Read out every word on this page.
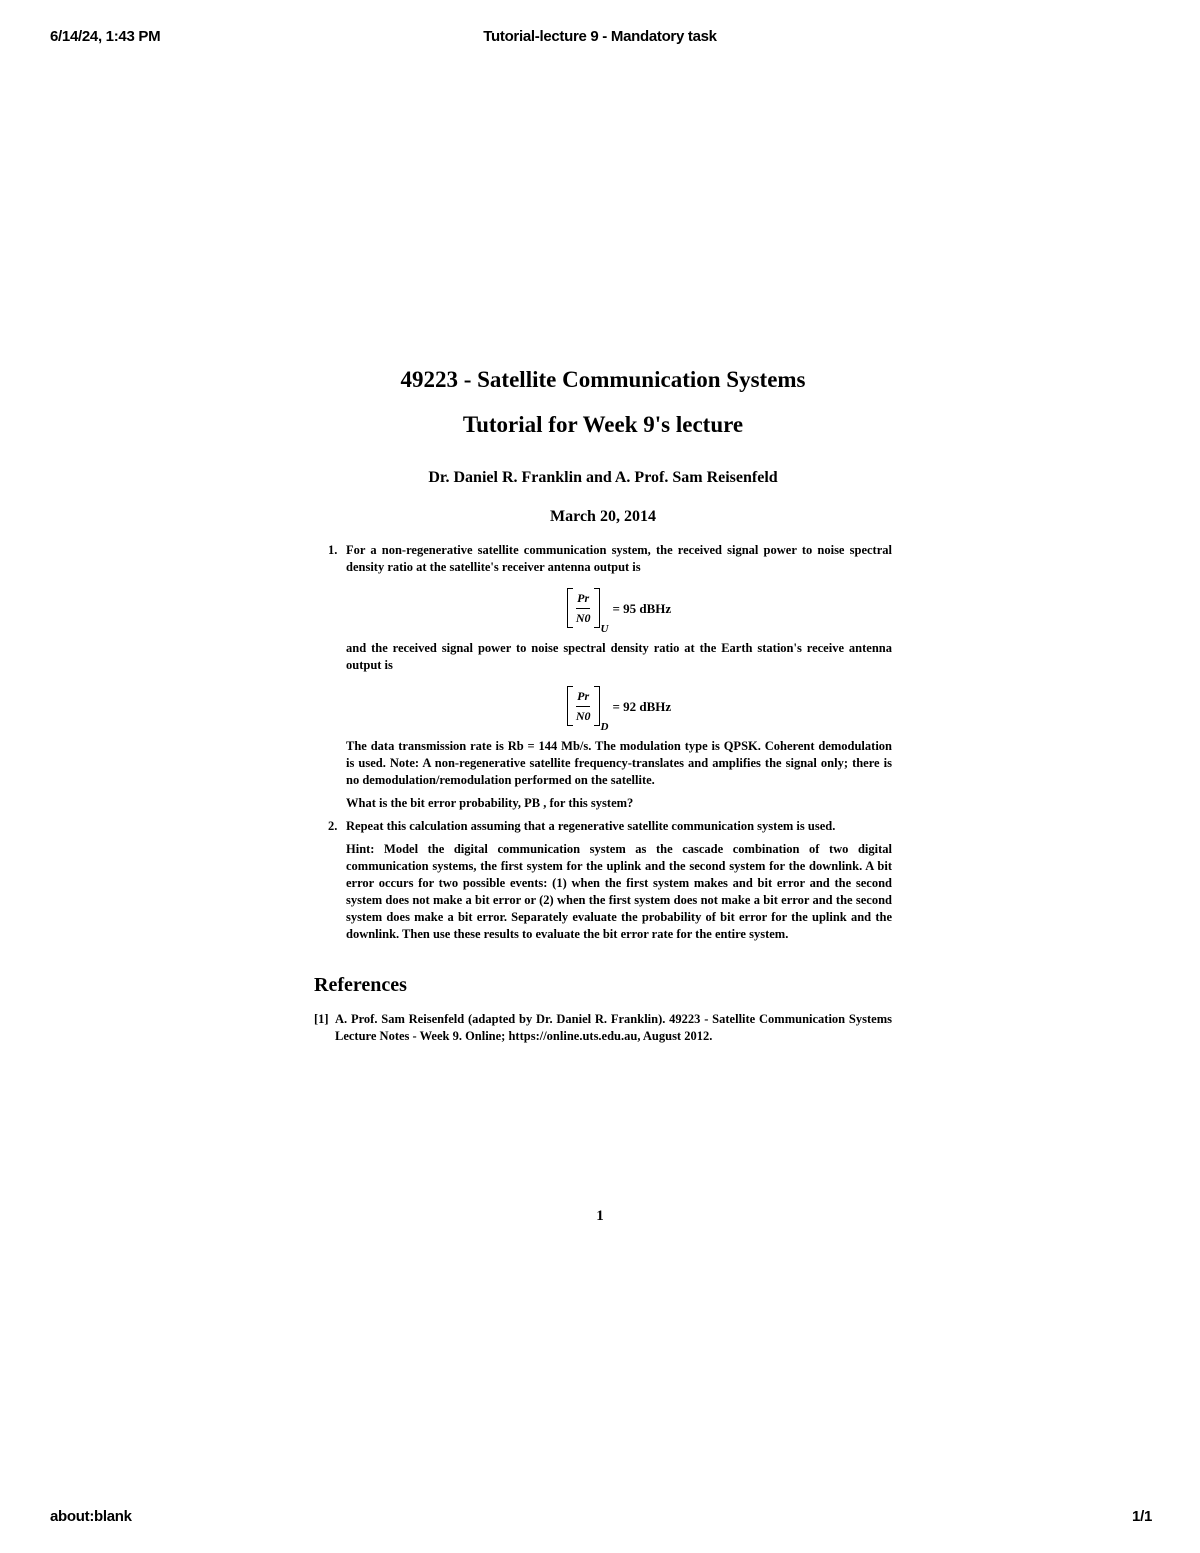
6/14/24, 1:43 PM	Tutorial-lecture 9 - Mandatory task
49223 - Satellite Communication Systems
Tutorial for Week 9's lecture
Dr. Daniel R. Franklin and A. Prof. Sam Reisenfeld
March 20, 2014
1. For a non-regenerative satellite communication system, the received signal power to noise spectral density ratio at the satellite's receiver antenna output is

$\frac{Pr}{N0}$
U
= 95 dBHz

and the received signal power to noise spectral density ratio at the Earth station's receive antenna output is

$\frac{Pr}{N0}$
D
= 92 dBHz

The data transmission rate is Rb = 144 Mb/s. The modulation type is QPSK. Coherent demodulation is used. Note: A non-regenerative satellite frequency-translates and amplifies the signal only; there is no demodulation/remodulation performed on the satellite.

What is the bit error probability, PB , for this system?

2. Repeat this calculation assuming that a regenerative satellite communication system is used.

Hint: Model the digital communication system as the cascade combination of two digital communication systems, the first system for the uplink and the second system for the downlink. A bit error occurs for two possible events: (1) when the first system makes and bit error and the second system does not make a bit error or (2) when the first system does not make a bit error and the second system does make a bit error. Separately evaluate the probability of bit error for the uplink and the downlink. Then use these results to evaluate the bit error rate for the entire system.

References
[1] A. Prof. Sam Reisenfeld (adapted by Dr. Daniel R. Franklin). 49223 - Satellite Communication Systems Lecture Notes - Week 9. Online; https://online.uts.edu.au, August 2012.
1
about:blank	1/1
